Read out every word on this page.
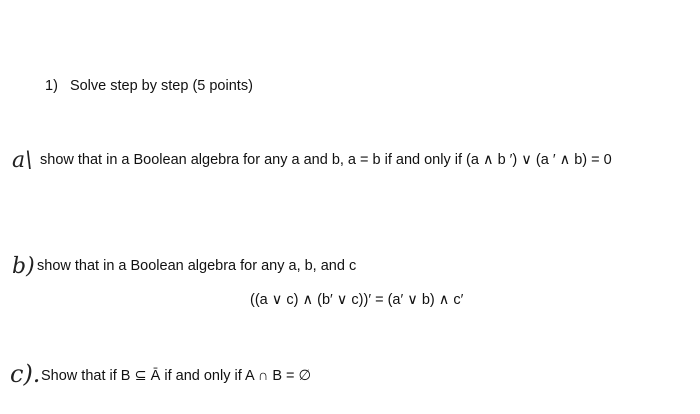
1) Solve step by step (5 points)
a\ show that in a Boolean algebra for any a and b, a = b if and only if (a ∧ b ′) ∨ (a ′ ∧ b) = 0
b) show that in a Boolean algebra for any a, b, and c
((a ∨ c) ∧ (b′ ∨ c))′ = (a′ ∨ b) ∧ c′
c). Show that if B ⊆ Ā if and only if A ∩ B = ∅
